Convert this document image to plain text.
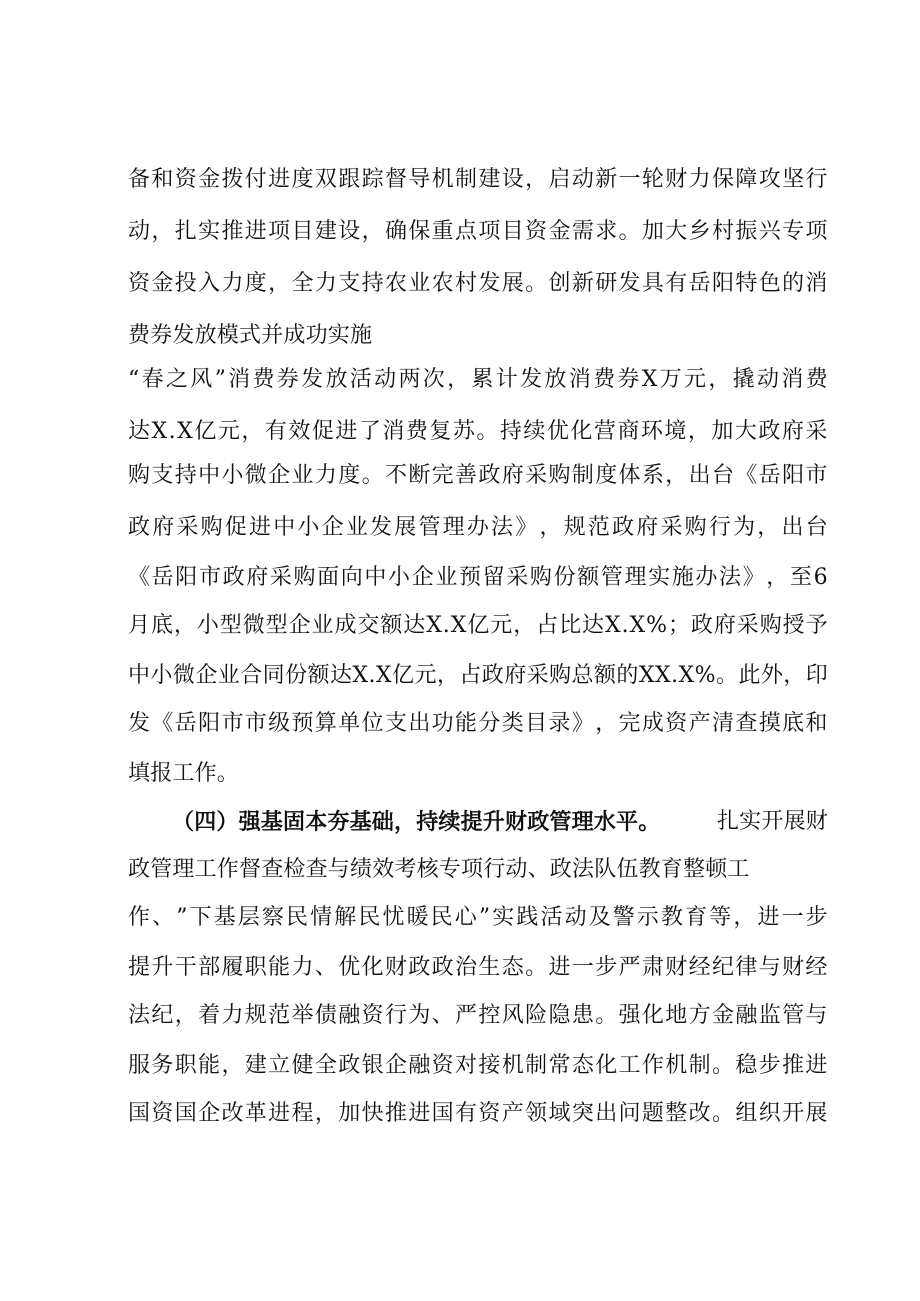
备 和 资 金 拨 付 进 度 双 跟 踪 督 导 机 制 建 设 ， 启 动 新 一 轮 财 力 保 障 攻 坚 行
动 ， 扎 实 推 进 项 目 建 设 ， 确 保 重 点 项 目 资 金 需 求 。 加 大 乡 村 振 兴 专 项
资 金 投 入 力 度 ， 全 力 支 持 农 业 农 村 发 展 。 创 新 研 发 具 有 岳 阳 特 色 的 消
费券发放模式并成功实施
“ 春 之 风 ” 消 费 券 发 放 活 动 两 次 ， 累 计 发 放 消 费 券 X 万 元 ， 撬 动 消 费
达 X . X 亿 元 ， 有 效 促 进 了 消 费 复 苏 。 持 续 优 化 营 商 环 境 ， 加 大 政 府 采
购 支 持 中 小 微 企 业 力 度 。 不 断 完 善 政 府 采 购 制 度 体 系 ， 出 台 《 岳 阳 市
政 府 采 购 促 进 中 小 企 业 发 展 管 理 办 法 》 ， 规 范 政 府 采 购 行 为 ， 出 台
《 岳 阳 市 政 府 采 购 面 向 中 小 企 业 预 留 采 购 份 额 管 理 实 施 办 法 》 ， 至 6
月 底 ， 小 型 微 型 企 业 成 交 额 达 X . X 亿 元 ， 占 比 达 X . X % ； 政 府 采 购 授 予
中 小 微 企 业 合 同 份 额 达 X . X 亿 元 ， 占 政 府 采 购 总 额 的 X X . X % 。 此 外 ， 印
发 《 岳 阳 市 市 级 预 算 单 位 支 出 功 能 分 类 目 录 》 ， 完 成 资 产 清 查 摸 底 和
填报工作。
（四）强基固本夯基础，持续提升财政管理水平。	扎实开展财
政管理工作督查检查与绩效考核专项行动、政法队伍教育整顿工
作 、 ” 下 基 层 察 民 情 解 民 忧 暖 民 心 ” 实 践 活 动 及 警 示 教 育 等 ， 进 一 步
提 升 干 部 履 职 能 力 、 优 化 财 政 政 治 生 态 。 进 一 步 严 肃 财 经 纪 律 与 财 经
法 纪 ， 着 力 规 范 举 债 融 资 行 为 、 严 控 风 险 隐 患 。 强 化 地 方 金 融 监 管 与
服 务 职 能 ， 建 立 健 全 政 银 企 融 资 对 接 机 制 常 态 化 工 作 机 制 。 稳 步 推 进
国 资 国 企 改 革 进 程 ， 加 快 推 进 国 有 资 产 领 域 突 出 问 题 整 改 。 组 织 开 展
